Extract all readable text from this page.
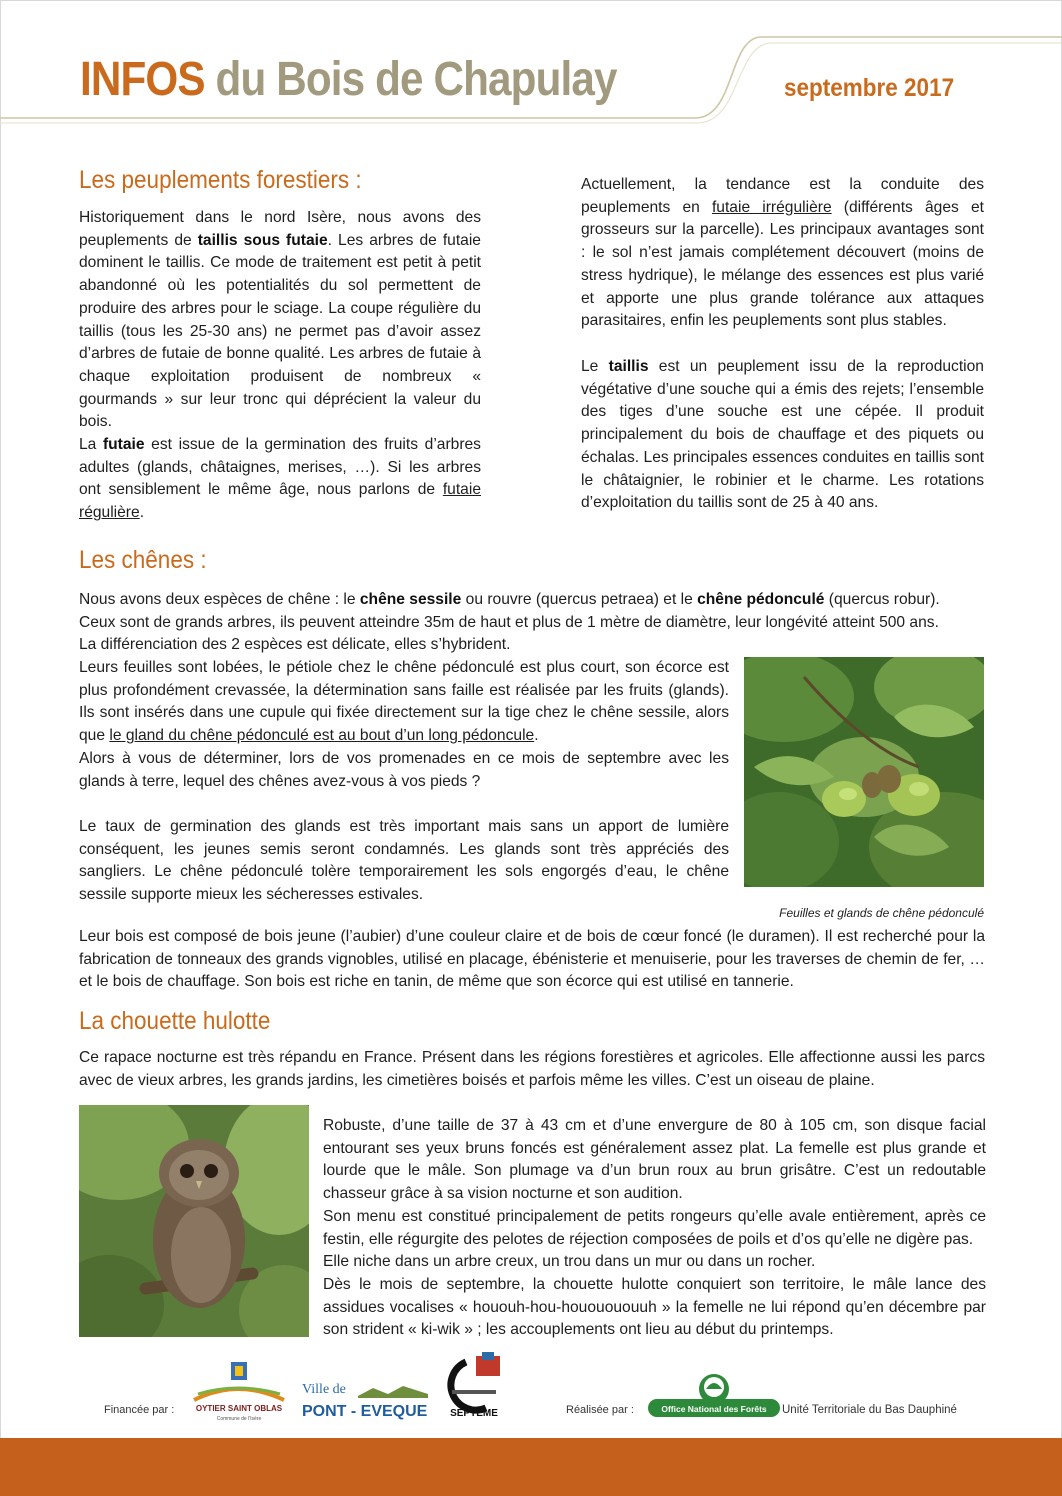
INFOS du Bois de Chapulay	septembre 2017
Les peuplements forestiers :
Historiquement dans le nord Isère, nous avons des peuplements de taillis sous futaie. Les arbres de futaie dominent le taillis. Ce mode de traitement est petit à petit abandonné où les potentialités du sol permettent de produire des arbres pour le sciage. La coupe régulière du taillis (tous les 25-30 ans) ne permet pas d’avoir assez d’arbres de futaie de bonne qualité. Les arbres de futaie à chaque exploitation produisent de nombreux « gourmands » sur leur tronc qui déprécient la valeur du bois.
La futaie est issue de la germination des fruits d’arbres adultes (glands, châtaignes, merises, …). Si les arbres ont sensiblement le même âge, nous parlons de futaie régulière.
Actuellement, la tendance est la conduite des peuplements en futaie irrégulière (différents âges et grosseurs sur la parcelle). Les principaux avantages sont : le sol n’est jamais complétement découvert (moins de stress hydrique), le mélange des essences est plus varié et apporte une plus grande tolérance aux attaques parasitaires, enfin les peuplements sont plus stables.
Le taillis est un peuplement issu de la reproduction végétative d’une souche qui a émis des rejets; l’ensemble des tiges d’une souche est une cépée. Il produit principalement du bois de chauffage et des piquets ou échalas. Les principales essences conduites en taillis sont le châtaignier, le robinier et le charme. Les rotations d’exploitation du taillis sont de 25 à 40 ans.
Les chênes :
Nous avons deux espèces de chêne : le chêne sessile ou rouvre (quercus petraea) et le chêne pédonculé (quercus robur).
Ceux sont de grands arbres, ils peuvent atteindre 35m de haut et plus de 1 mètre de diamètre, leur longévité atteint 500 ans.
La différenciation des 2 espèces est délicate, elles s’hybrident.
Leurs feuilles sont lobées, le pétiole chez le chêne pédonculé est plus court, son écorce est plus profondément crevassée, la détermination sans faille est réalisée par les fruits (glands). Ils sont insérés dans une cupule qui fixée directement sur la tige chez le chêne sessile, alors que le gland du chêne pédonculé est au bout d’un long pédoncule.
Alors à vous de déterminer, lors de vos promenades en ce mois de septembre avec les glands à terre, lequel des chênes avez-vous à vos pieds ?
Le taux de germination des glands est très important mais sans un apport de lumière conséquent, les jeunes semis seront condamnés. Les glands sont très appréciés des sangliers. Le chêne pédonculé tolère temporairement les sols engorgés d’eau, le chêne sessile supporte mieux les sécheresses estivales.
Feuilles et glands de chêne pédonculé
Leur bois est composé de bois jeune (l’aubier) d’une couleur claire et de bois de cœur foncé (le duramen). Il est recherché pour la fabrication de tonneaux des grands vignobles, utilisé en placage, ébénisterie et menuiserie, pour les traverses de chemin de fer, … et le bois de chauffage. Son bois est riche en tanin, de même que son écorce qui est utilisé en tannerie.
La chouette hulotte
Ce rapace nocturne est très répandu en France. Présent dans les régions forestières et agricoles. Elle affectionne aussi les parcs avec de vieux arbres, les grands jardins, les cimetières boisés et parfois même les villes. C’est un oiseau de plaine.
Robuste, d’une taille de 37 à 43 cm et d’une envergure de 80 à 105 cm, son disque facial entourant ses yeux bruns foncés est généralement assez plat. La femelle est plus grande et lourde que le mâle. Son plumage va d’un brun roux au brun grisâtre. C’est un redoutable chasseur grâce à sa vision nocturne et son audition.
Son menu est constitué principalement de petits rongeurs qu’elle avale entièrement, après ce festin, elle régurgite des pelotes de réjection composées de poils et d’os qu’elle ne digère pas.
Elle niche dans un arbre creux, un trou dans un mur ou dans un rocher.
Dès le mois de septembre, la chouette hulotte conquiert son territoire, le mâle lance des assidues vocalises « hououh-hou-hououououuh » la femelle ne lui répond qu’en décembre par son strident « ki-wik » ; les accouplements ont lieu au début du printemps.
Financée par :	OYTIER SAINT OBLAS
Commune de l'Isère
Ville de
PONT - EVEQUE SEPTEME	Réalisée par :	Office National des Forêts Unité Territoriale du Bas Dauphiné
